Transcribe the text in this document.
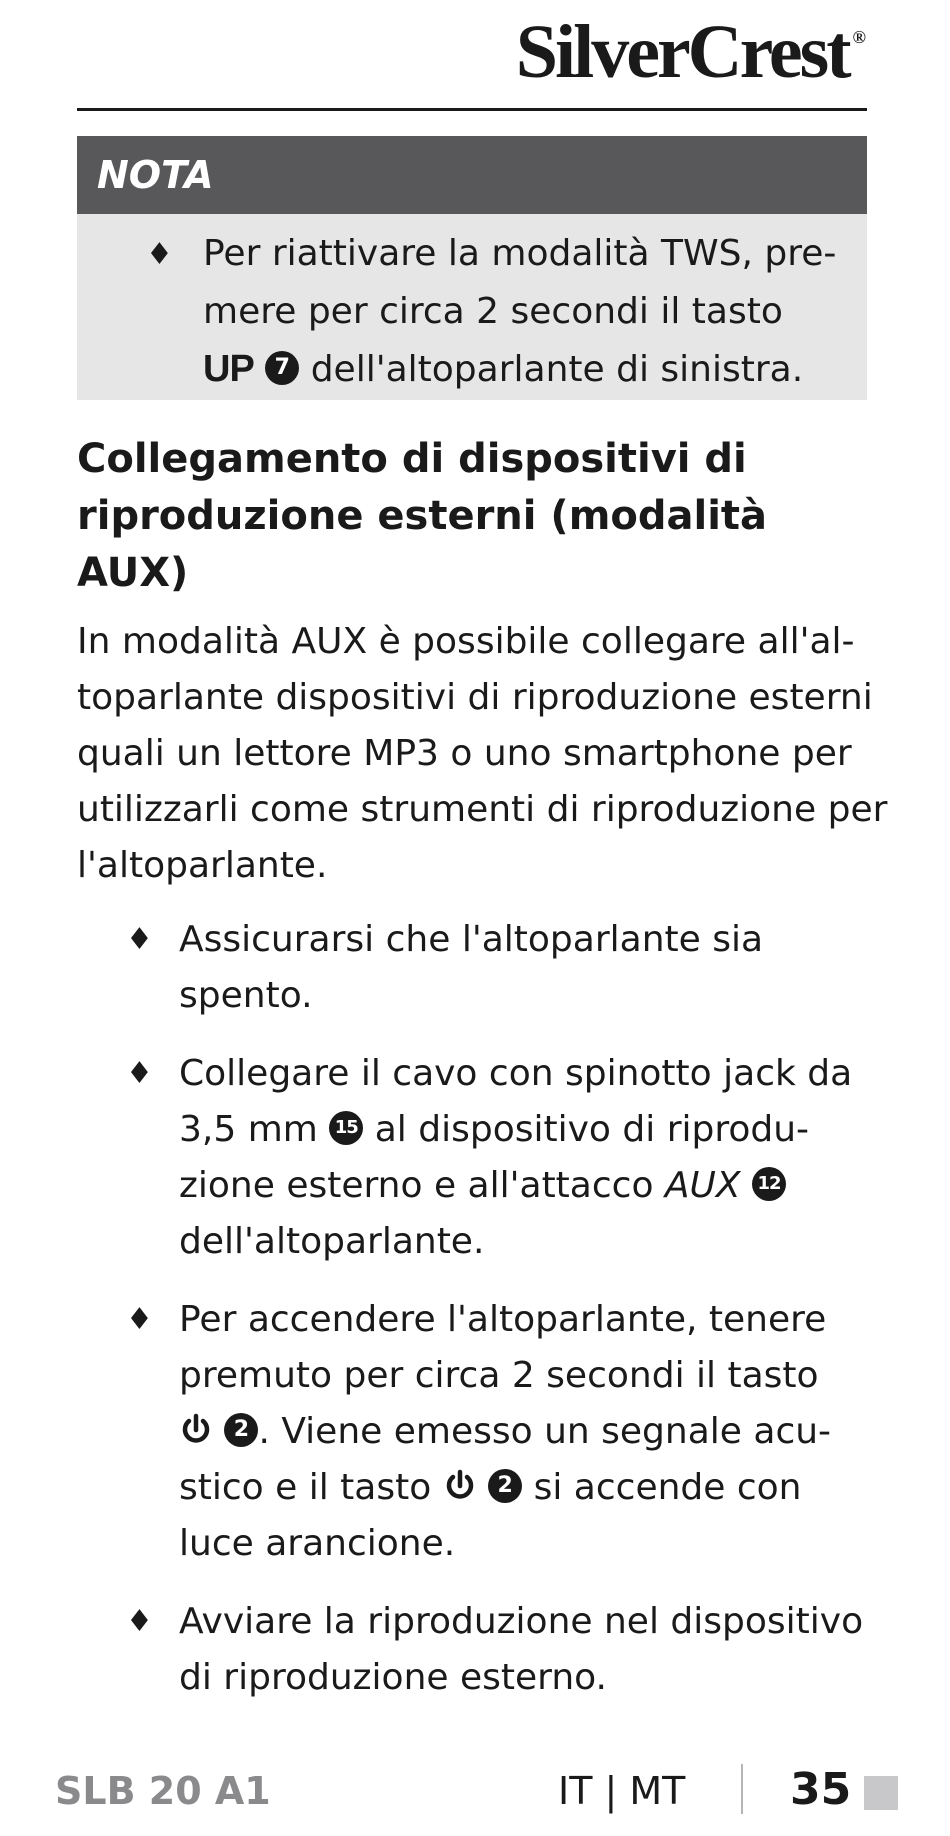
SilverCrest ®
NOTA
♦ Per riattivare la modalità TWS, pre-
mere per circa 2 secondi il tasto
UP 7 dell'altoparlante di sinistra.
Collegamento di dispositivi di
riproduzione esterni (modalità
AUX)
In modalità AUX è possibile collegare all'al-
toparlante dispositivi di riproduzione esterni
quali un lettore MP3 o uno smartphone per
utilizzarli come strumenti di riproduzione per
l'altoparlante.
♦ Assicurarsi che l'altoparlante sia
spento.
♦ Collegare il cavo con spinotto jack da
3,5 mm 15 al dispositivo di riprodu-
zione esterno e all'attacco AUX 12
dell'altoparlante.
♦ Per accendere l'altoparlante, tenere
premuto per circa 2 secondi il tasto
2 . Viene emesso un segnale acu-
stico e il tasto	2 si accende con
luce arancione.
♦ Avviare la riproduzione nel dispositivo
di riproduzione esterno.
SLB 20 A1	IT | MT 35
